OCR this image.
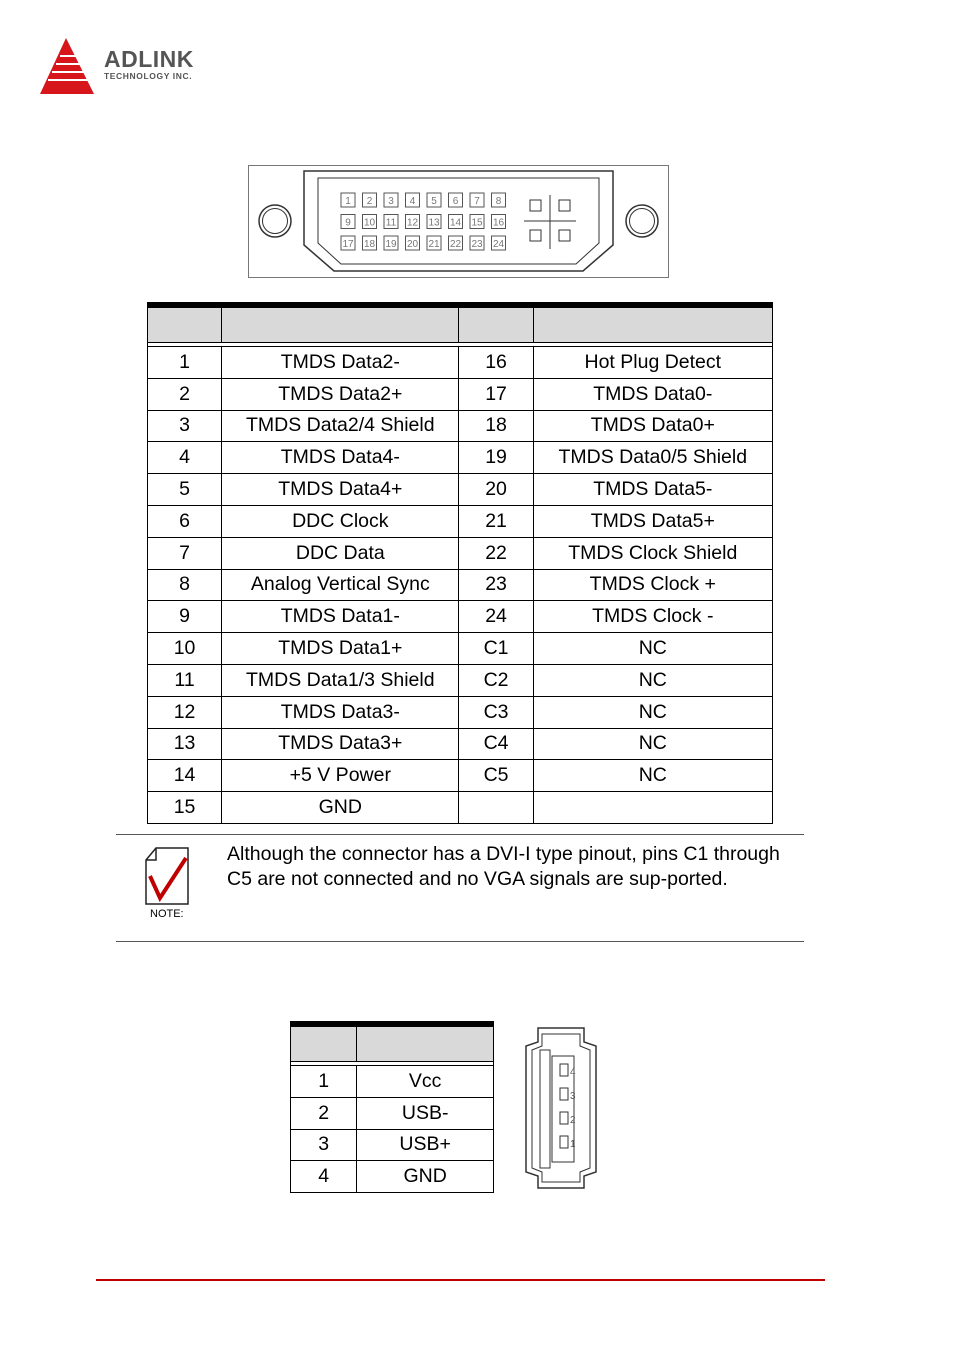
ADLINK
TECHNOLOGY INC.
1 2 3 4 5 6 7 8
9 10 11 12 13 14 15 16
17 18 19 20 21 22 23 24

1	TMDS Data2-	16	Hot Plug Detect
2	TMDS Data2+	17	TMDS Data0-
3	TMDS Data2/4 Shield	18	TMDS Data0+
4	TMDS Data4-	19	TMDS Data0/5 Shield
5	TMDS Data4+	20	TMDS Data5-
6	DDC Clock	21	TMDS Data5+
7	DDC Data	22	TMDS Clock Shield
8	Analog Vertical Sync	23	TMDS Clock +
9	TMDS Data1-	24	TMDS Clock -
10	TMDS Data1+	C1	NC
11	TMDS Data1/3 Shield	C2	NC
12	TMDS Data3-	C3	NC
13	TMDS Data3+	C4	NC
14	+5 V Power	C5	NC
15	GND		
NOTE:
Although the connector has a DVI-I type pinout, pins C1 through C5 are not connected and no VGA signals are sup-ported.

1	Vcc
2	USB-
3	USB+
4	GND
4
3
2
1
